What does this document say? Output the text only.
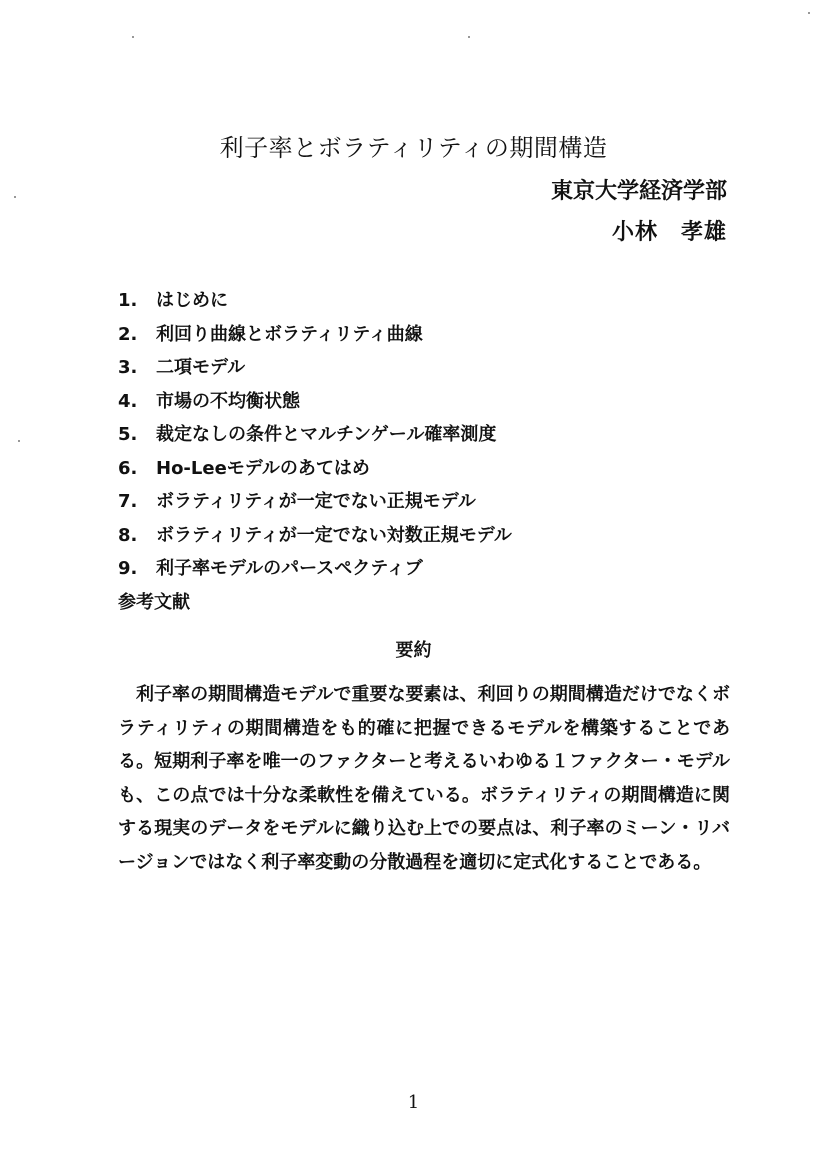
利子率とボラティリティの期間構造
東京大学経済学部
小林　孝雄
1. はじめに
2. 利回り曲線とボラティリティ曲線
3. 二項モデル
4. 市場の不均衡状態
5. 裁定なしの条件とマルチンゲール確率測度
6. Ho-Leeモデルのあてはめ
7. ボラティリティが一定でない正規モデル
8. ボラティリティが一定でない対数正規モデル
9. 利子率モデルのパースペクティブ
参考文献
要約

利子率の期間構造モデルで重要な要素は、利回りの期間構造だけでなくボラティリティの期間構造をも的確に把握できるモデルを構築することである。短期利子率を唯一のファクターと考えるいわゆる１ファクター・モデルも、この点では十分な柔軟性を備えている。ボラティリティの期間構造に関する現実のデータをモデルに織り込む上での要点は、利子率のミーン・リバージョンではなく利子率変動の分散過程を適切に定式化することである。

1
